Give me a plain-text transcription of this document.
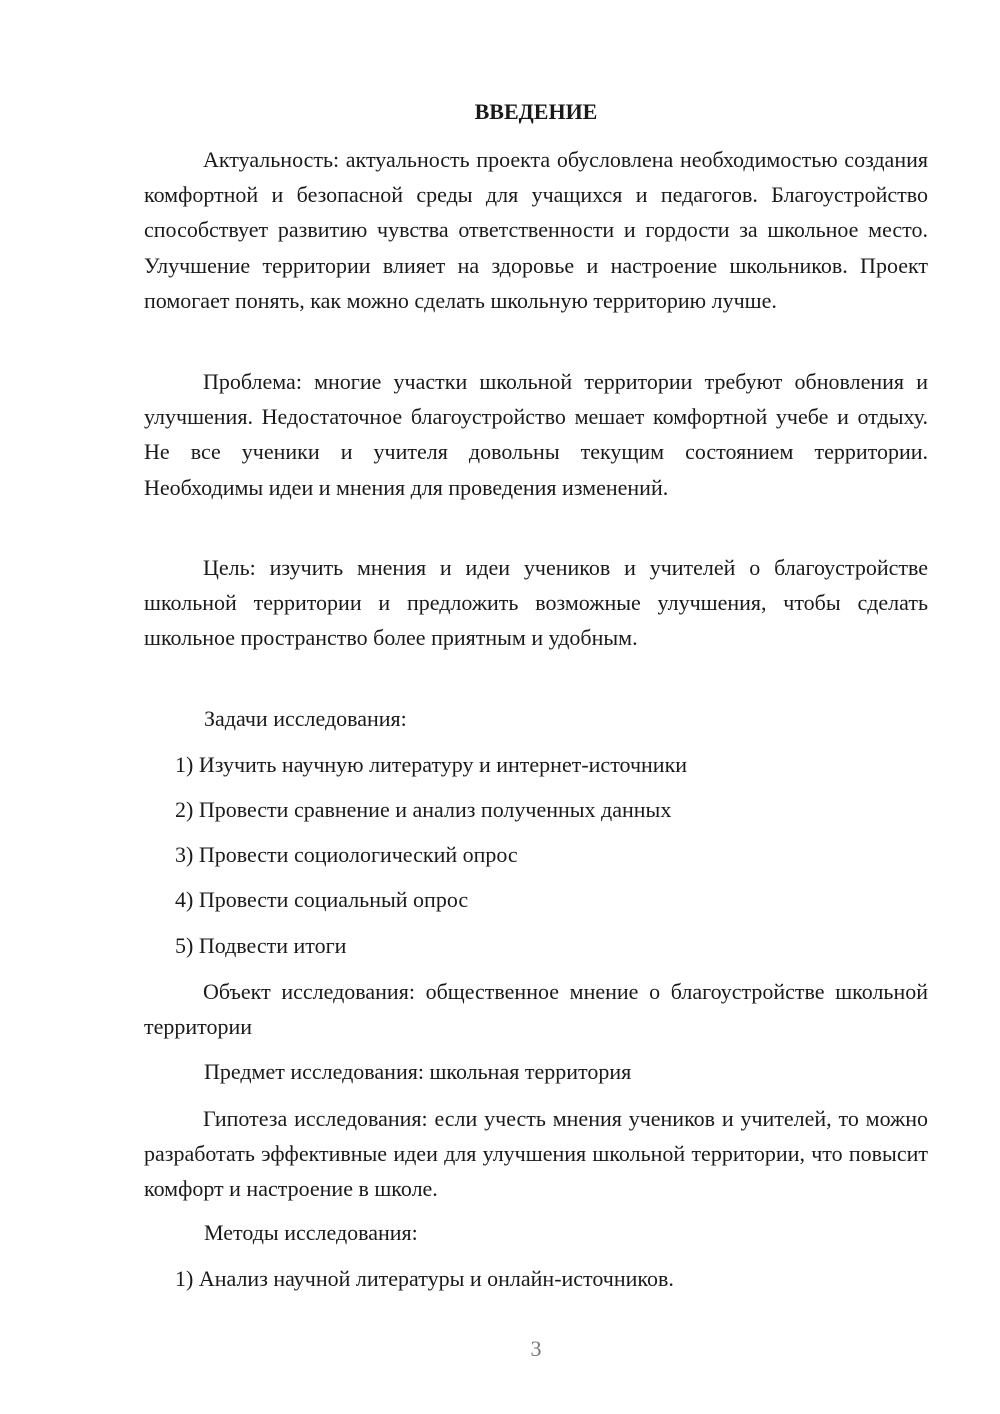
ВВЕДЕНИЕ

Актуальность: актуальность проекта обусловлена необходимостью создания комфортной и безопасной среды для учащихся и педагогов. Благоустройство способствует развитию чувства ответственности и гордости за школьное место. Улучшение территории влияет на здоровье и настроение школьников. Проект помогает понять, как можно сделать школьную территорию лучше.

Проблема: многие участки школьной территории требуют обновления и улучшения. Недостаточное благоустройство мешает комфортной учебе и отдыху. Не все ученики и учителя довольны текущим состоянием территории. Необходимы идеи и мнения для проведения изменений.

Цель: изучить мнения и идеи учеников и учителей о благоустройстве школьной территории и предложить возможные улучшения, чтобы сделать школьное пространство более приятным и удобным.

Задачи исследования:

1) Изучить научную литературу и интернет-источники

2) Провести сравнение и анализ полученных данных

3) Провести социологический опрос

4) Провести социальный опрос

5) Подвести итоги

Объект исследования: общественное мнение о благоустройстве школьной территории

Предмет исследования: школьная территория

Гипотеза исследования: если учесть мнения учеников и учителей, то можно разработать эффективные идеи для улучшения школьной территории, что повысит комфорт и настроение в школе.

Методы исследования:

1) Анализ научной литературы и онлайн-источников.

3
